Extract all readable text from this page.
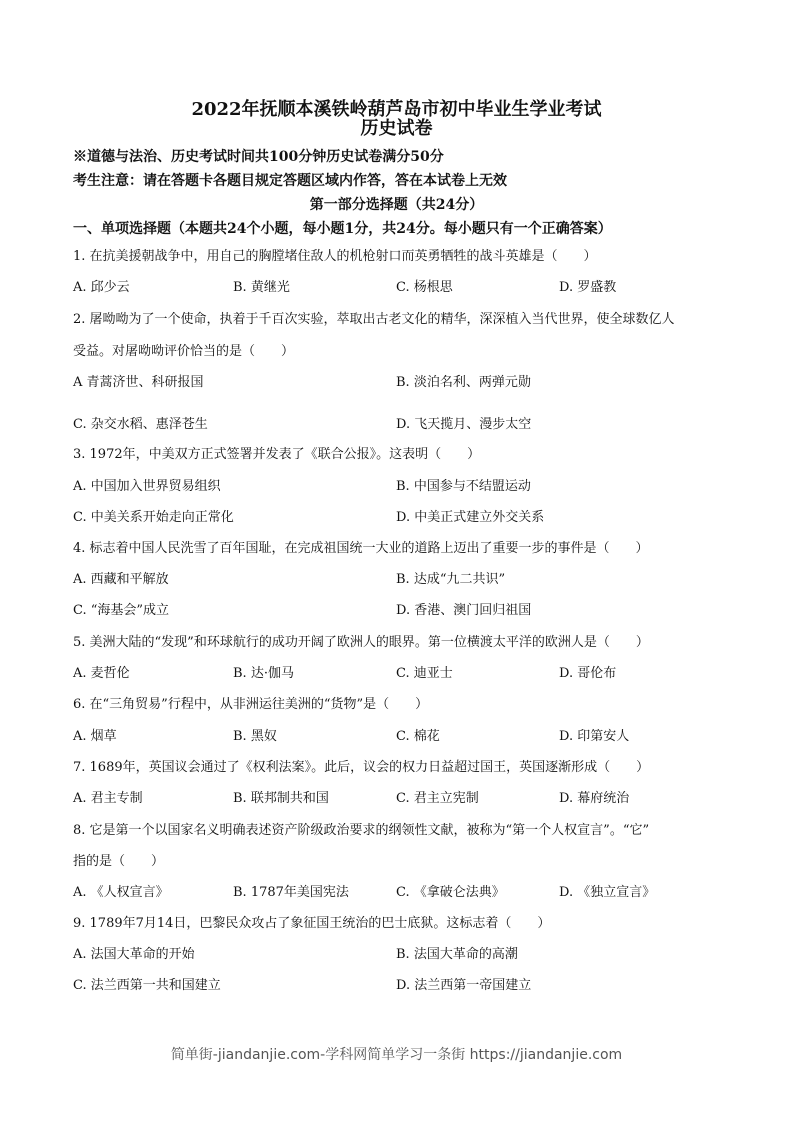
2022年抚顺本溪铁岭葫芦岛市初中毕业生学业考试
历史试卷
※道德与法治、历史考试时间共100分钟历史试卷满分50分
考生注意：请在答题卡各题目规定答题区域内作答，答在本试卷上无效
第一部分选择题（共24分）
一、单项选择题（本题共24个小题，每小题1分，共24分。每小题只有一个正确答案）
1. 在抗美援朝战争中，用自己的胸膛堵住敌人的机枪射口而英勇牺牲的战斗英雄是（　　）
A. 邱少云	B. 黄继光	C. 杨根思	D. 罗盛教
2. 屠呦呦为了一个使命，执着于千百次实验，萃取出古老文化的精华，深深植入当代世界，使全球数亿人
受益。对屠呦呦评价恰当的是（　　）
A 青蒿济世、科研报国	B. 淡泊名利、两弹元勋
C. 杂交水稻、惠泽苍生	D. 飞天揽月、漫步太空
3. 1972年，中美双方正式签署并发表了《联合公报》。这表明（　　）
A. 中国加入世界贸易组织	B. 中国参与不结盟运动
C. 中美关系开始走向正常化	D. 中美正式建立外交关系
4. 标志着中国人民洗雪了百年国耻，在完成祖国统一大业的道路上迈出了重要一步的事件是（　　）
A. 西藏和平解放	B. 达成“九二共识”
C. “海基会”成立	D. 香港、澳门回归祖国
5. 美洲大陆的“发现”和环球航行的成功开阔了欧洲人的眼界。第一位横渡太平洋的欧洲人是（　　）
A. 麦哲伦	B. 达·伽马	C. 迪亚士	D. 哥伦布
6. 在“三角贸易”行程中，从非洲运往美洲的“货物”是（　　）
A. 烟草	B. 黑奴	C. 棉花	D. 印第安人
7. 1689年，英国议会通过了《权利法案》。此后，议会的权力日益超过国王，英国逐渐形成（　　）
A. 君主专制	B. 联邦制共和国	C. 君主立宪制	D. 幕府统治
8. 它是第一个以国家名义明确表述资产阶级政治要求的纲领性文献，被称为“第一个人权宣言”。“它”
指的是（　　）
A. 《人权宣言》	B. 1787年美国宪法	C. 《拿破仑法典》	D. 《独立宣言》
9. 1789年7月14日，巴黎民众攻占了象征国王统治的巴士底狱。这标志着（　　）
A. 法国大革命的开始	B. 法国大革命的高潮
C. 法兰西第一共和国建立	D. 法兰西第一帝国建立
简单街-jiandanjie.com-学科网简单学习一条街 https://jiandanjie.com
